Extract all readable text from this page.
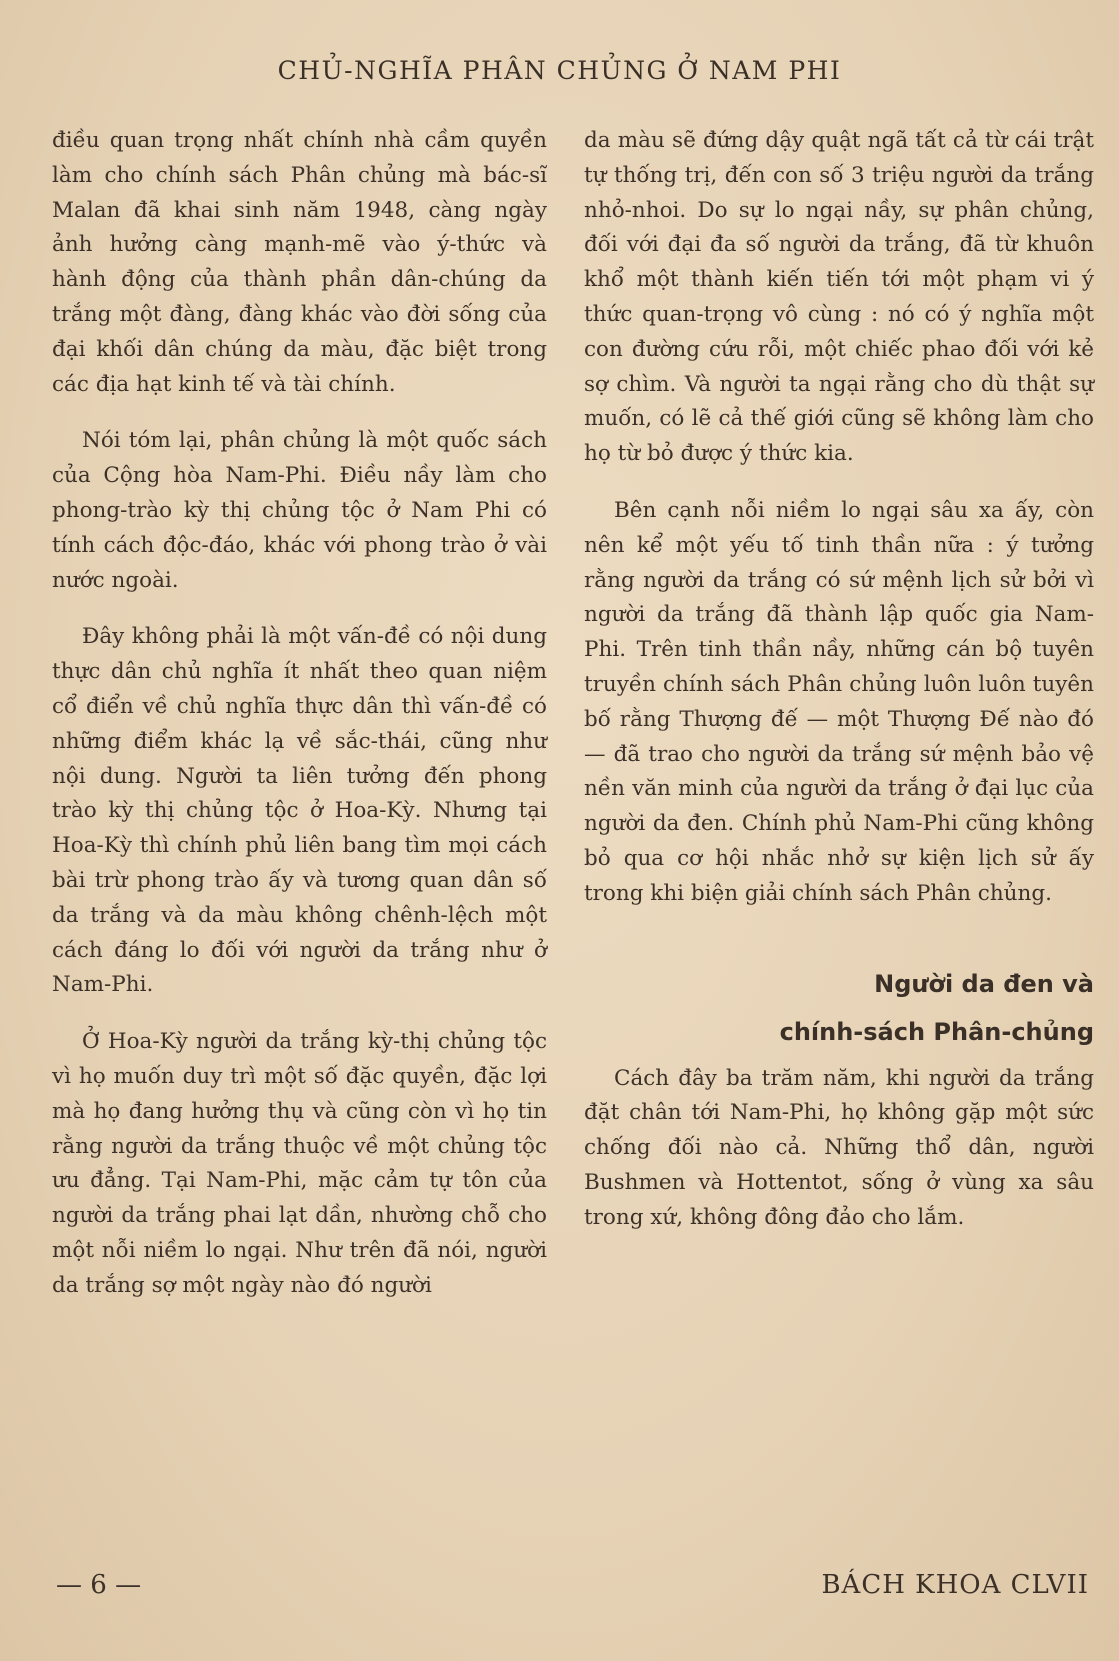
CHỦ-NGHĨA PHÂN CHỦNG Ở NAM PHI

điều quan trọng nhất chính nhà cầm quyền làm cho chính sách Phân chủng mà bác-sĩ Malan đã khai sinh năm 1948, càng ngày ảnh hưởng càng mạnh-mẽ vào ý-thức và hành động của thành phần dân-chúng da trắng một đàng, đàng khác vào đời sống của đại khối dân chúng da màu, đặc biệt trong các địa hạt kinh tế và tài chính.

Nói tóm lại, phân chủng là một quốc sách của Cộng hòa Nam-Phi. Điều nầy làm cho phong-trào kỳ thị chủng tộc ở Nam Phi có tính cách độc-đáo, khác với phong trào ở vài nước ngoài.

Đây không phải là một vấn-đề có nội dung thực dân chủ nghĩa ít nhất theo quan niệm cổ điển về chủ nghĩa thực dân thì vấn-đề có những điểm khác lạ về sắc-thái, cũng như nội dung. Người ta liên tưởng đến phong trào kỳ thị chủng tộc ở Hoa-Kỳ. Nhưng tại Hoa-Kỳ thì chính phủ liên bang tìm mọi cách bài trừ phong trào ấy và tương quan dân số da trắng và da màu không chênh-lệch một cách đáng lo đối với người da trắng như ở Nam-Phi.

Ở Hoa-Kỳ người da trắng kỳ-thị chủng tộc vì họ muốn duy trì một số đặc quyền, đặc lợi mà họ đang hưởng thụ và cũng còn vì họ tin rằng người da trắng thuộc về một chủng tộc ưu đẳng. Tại Nam-Phi, mặc cảm tự tôn của người da trắng phai lạt dần, nhường chỗ cho một nỗi niềm lo ngại. Như trên đã nói, người da trắng sợ một ngày nào đó người

da màu sẽ đứng dậy quật ngã tất cả từ cái trật tự thống trị, đến con số 3 triệu người da trắng nhỏ-nhoi. Do sự lo ngại nầy, sự phân chủng, đối với đại đa số người da trắng, đã từ khuôn khổ một thành kiến tiến tới một phạm vi ý thức quan-trọng vô cùng : nó có ý nghĩa một con đường cứu rỗi, một chiếc phao đối với kẻ sợ chìm. Và người ta ngại rằng cho dù thật sự muốn, có lẽ cả thế giới cũng sẽ không làm cho họ từ bỏ được ý thức kia.

Bên cạnh nỗi niềm lo ngại sâu xa ấy, còn nên kể một yếu tố tinh thần nữa : ý tưởng rằng người da trắng có sứ mệnh lịch sử bởi vì người da trắng đã thành lập quốc gia Nam-Phi. Trên tinh thần nầy, những cán bộ tuyên truyền chính sách Phân chủng luôn luôn tuyên bố rằng Thượng đế — một Thượng Đế nào đó — đã trao cho người da trắng sứ mệnh bảo vệ nền văn minh của người da trắng ở đại lục của người da đen. Chính phủ Nam-Phi cũng không bỏ qua cơ hội nhắc nhở sự kiện lịch sử ấy trong khi biện giải chính sách Phân chủng.

Người da đen và
chính-sách Phân-chủng

Cách đây ba trăm năm, khi người da trắng đặt chân tới Nam-Phi, họ không gặp một sức chống đối nào cả. Những thổ dân, người Bushmen và Hottentot, sống ở vùng xa sâu trong xứ, không đông đảo cho lắm.

— 6 —	BÁCH KHOA CLVII
